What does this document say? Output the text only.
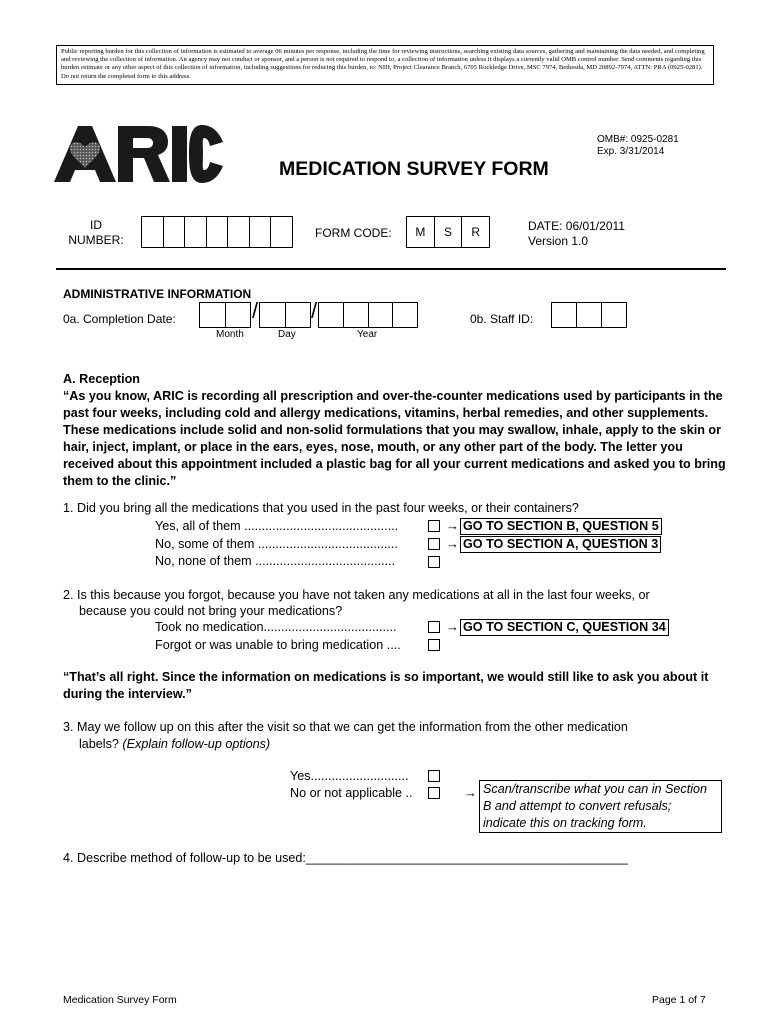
Public reporting burden for this collection of information is estimated to average 06 minutes per response, including the time for reviewing instructions, searching existing data sources, gathering and maintaining the data needed, and completing and reviewing the collection of information. An agency may not conduct or sponsor, and a person is not required to respond to, a collection of information unless it displays a currently valid OMB control number. Send comments regarding this burden estimate or any other aspect of this collection of information, including suggestions for reducing this burden, to: NIH, Project Clearance Branch, 6705 Rockledge Drive, MSC 7974, Bethesda, MD 20892-7974, ATTN: PRA (0925-0281). Do not return the completed form to this address.
OMB#: 0925-0281
Exp. 3/31/2014
MEDICATION SURVEY FORM
ID
NUMBER:	FORM CODE:	M	S	R	DATE: 06/01/2011
Version 1.0
ADMINISTRATIVE INFORMATION
0a. Completion Date:	/ /
Month	Day	Year
0b. Staff ID:
A. Reception
“As you know, ARIC is recording all prescription and over-the-counter medications used by participants in the past four weeks, including cold and allergy medications, vitamins, herbal remedies, and other supplements. These medications include solid and non-solid formulations that you may swallow, inhale, apply to the skin or hair, inject, implant, or place in the ears, eyes, nose, mouth, or any other part of the body. The letter you received about this appointment included a plastic bag for all your current medications and asked you to bring them to the clinic.”
1. Did you bring all the medications that you used in the past four weeks, or their containers?
Yes, all of them ............................................	→ GO TO SECTION B, QUESTION 5
No, some of them ........................................	→ GO TO SECTION A, QUESTION 3
No, none of them ........................................
2. Is this because you forgot, because you have not taken any medications at all in the last four weeks, or
because you could not bring your medications?
Took no medication......................................	→ GO TO SECTION C, QUESTION 34
Forgot or was unable to bring medication ....
“That’s all right. Since the information on medications is so important, we would still like to ask you about it during the interview.”
3. May we follow up on this after the visit so that we can get the information from the other medication
labels? (Explain follow-up options)
Yes............................
No or not applicable ..	→ Scan/transcribe what you can in Section B and attempt to convert refusals; indicate this on tracking form.
4. Describe method of follow-up to be used:______________________________________________
Medication Survey Form	Page 1 of 7
